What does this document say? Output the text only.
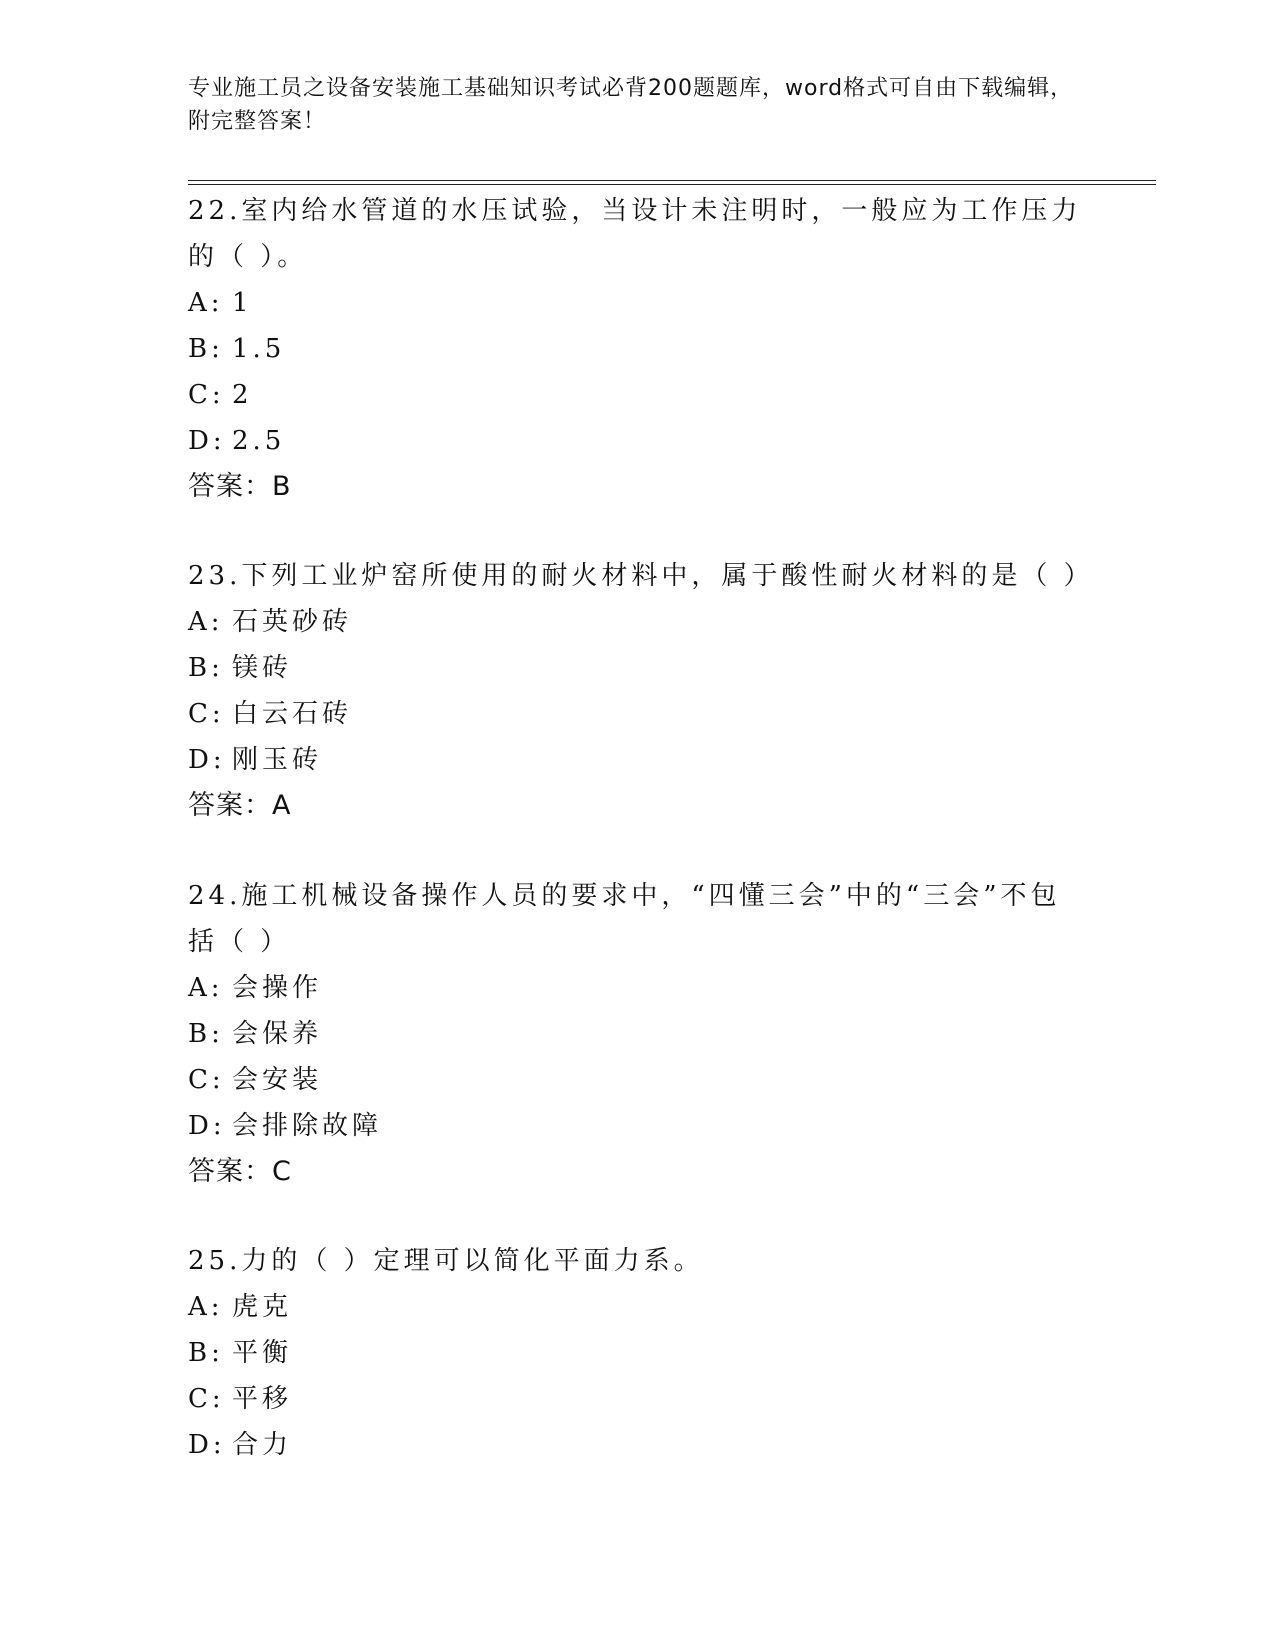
专业施工员之设备安装施工基础知识考试必背200题题库，word格式可自由下载编辑，附完整答案！
22.室内给水管道的水压试验，当设计未注明时，一般应为工作压力的（ ）。
A: 1
B: 1.5
C: 2
D: 2.5
答案：B
23.下列工业炉窑所使用的耐火材料中，属于酸性耐火材料的是（ ）
A: 石英砂砖
B: 镁砖
C: 白云石砖
D: 刚玉砖
答案：A
24.施工机械设备操作人员的要求中，“四懂三会”中的“三会”不包括（ ）
A: 会操作
B: 会保养
C: 会安装
D: 会排除故障
答案：C
25.力的（ ）定理可以简化平面力系。
A: 虎克
B: 平衡
C: 平移
D: 合力
